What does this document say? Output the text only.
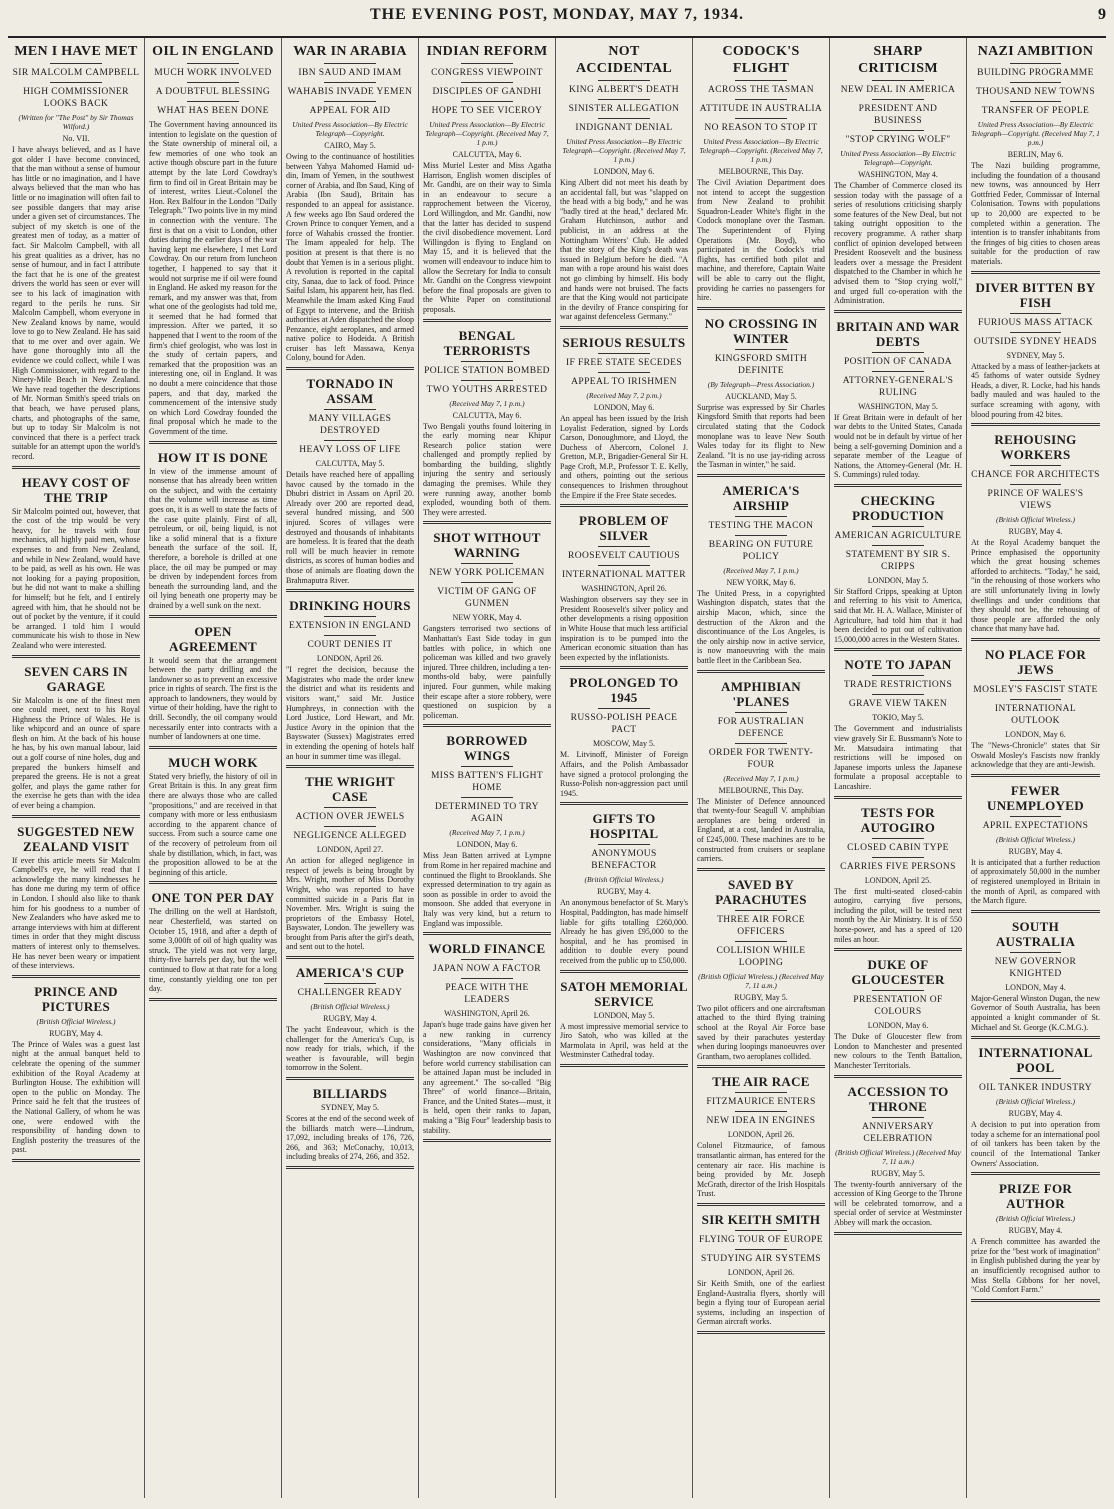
THE EVENING POST, MONDAY, MAY 7, 1934.	9
MEN I HAVE MET
SIR MALCOLM CAMPBELL
HIGH COMMISSIONER LOOKS BACK
(Written for "The Post" by Sir Thomas Wilford.)
No. VII.

I have always believed, and as I have got older I have become convinced, that the man without a sense of humour has little or no imagination, and I have always believed that the man who has little or no imagination will often fail to see possible dangers that may arise under a given set of circumstances. The subject of my sketch is one of the greatest men of today, as a matter of fact. Sir Malcolm Campbell, with all his great qualities as a driver, has no sense of humour, and in fact I attribute the fact that he is one of the greatest drivers the world has seen or ever will see to his lack of imagination with regard to the perils he runs. Sir Malcolm Campbell, whom everyone in New Zealand knows by name, would love to go to New Zealand. He has said that to me over and over again. We have gone thoroughly into all the evidence we could collect, while I was High Commissioner, with regard to the Ninety-Mile Beach in New Zealand. We have read together the descriptions of Mr. Norman Smith's speed trials on that beach, we have perused plans, charts, and photographs of the same, but up to today Sir Malcolm is not convinced that there is a perfect track suitable for an attempt upon the world's record.

HEAVY COST OF THE TRIP

Sir Malcolm pointed out, however, that the cost of the trip would be very heavy, for he travels with four mechanics, all highly paid men, whose expenses to and from New Zealand, and while in New Zealand, would have to be paid, as well as his own. He was not looking for a paying proposition, but he did not want to make a shilling for himself; but he felt, and I entirely agreed with him, that he should not be out of pocket by the venture, if it could be arranged. I told him I would communicate his wish to those in New Zealand who were interested.

SEVEN CARS IN GARAGE

Sir Malcolm is one of the finest men one could meet, next to his Royal Highness the Prince of Wales. He is like whipcord and an ounce of spare flesh on him. At the back of his house he has, by his own manual labour, laid out a golf course of nine holes, dug and prepared the bunkers himself and prepared the greens. He is not a great golfer, and plays the game rather for the exercise he gets than with the idea of ever being a champion.

SUGGESTED NEW ZEALAND VISIT

If ever this article meets Sir Malcolm Campbell's eye, he will read that I acknowledge the many kindnesses he has done me during my term of office in London. I should also like to thank him for his goodness to a number of New Zealanders who have asked me to arrange interviews with him at different times in order that they might discuss matters of interest only to themselves. He has never been weary or impatient of these interviews.

PRINCE AND PICTURES
(British Official Wireless.)
RUGBY, May 4.

The Prince of Wales was a guest last night at the annual banquet held to celebrate the opening of the summer exhibition of the Royal Academy at Burlington House. The exhibition will open to the public on Monday. The Prince said he felt that the trustees of the National Gallery, of whom he was one, were endowed with the responsibility of handing down to English posterity the treasures of the past.

OIL IN ENGLAND
MUCH WORK INVOLVED
A DOUBTFUL BLESSING
WHAT HAS BEEN DONE

The Government having announced its intention to legislate on the question of the State ownership of mineral oil, a few memories of one who took an active though obscure part in the future attempt by the late Lord Cowdray's firm to find oil in Great Britain may be of interest, writes Lieut.-Colonel the Hon. Rex Balfour in the London "Daily Telegraph." Two points live in my mind in connection with the venture. The first is that on a visit to London, other duties during the earlier days of the war having kept me elsewhere, I met Lord Cowdray. On our return from luncheon together, I happened to say that it would not surprise me if oil were found in England. He asked my reason for the remark, and my answer was that, from what one of the geologists had told me, it seemed that he had formed that impression. After we parted, it so happened that I went to the room of the firm's chief geologist, who was lost in the study of certain papers, and remarked that the proposition was an interesting one, oil in England. It was no doubt a mere coincidence that those papers, and that day, marked the commencement of the intensive study on which Lord Cowdray founded the final proposal which he made to the Government of the time.

HOW IT IS DONE

In view of the immense amount of nonsense that has already been written on the subject, and with the certainty that the volume will increase as time goes on, it is as well to state the facts of the case quite plainly. First of all, petroleum, or oil, being liquid, is not like a solid mineral that is a fixture beneath the surface of the soil. If, therefore, a borehole is drilled at one place, the oil may be pumped or may be driven by independent forces from beneath the surrounding land, and the oil lying beneath one property may be drained by a well sunk on the next.

OPEN AGREEMENT

It would seem that the arrangement between the party drilling and the landowner so as to prevent an excessive price in rights of search. The first is the approach to landowners, they would by virtue of their holding, have the right to drill. Secondly, the oil company would necessarily enter into contracts with a number of landowners at one time.

MUCH WORK

Stated very briefly, the history of oil in Great Britain is this. In any great firm there are always those who are called "propositions," and are received in that company with more or less enthusiasm according to the apparent chance of success. From such a source came one of the recovery of petroleum from oil shale by distillation, which, in fact, was the proposition allowed to be at the beginning of this article.

ONE TON PER DAY

The drilling on the well at Hardstoft, near Chesterfield, was started on October 15, 1918, and after a depth of some 3,000ft of oil of high quality was struck. The yield was not very large, thirty-five barrels per day, but the well continued to flow at that rate for a long time, constantly yielding one ton per day.

WAR IN ARABIA
IBN SAUD AND IMAM
WAHABIS INVADE YEMEN
APPEAL FOR AID
United Press Association—By Electric Telegraph—Copyright.
CAIRO, May 5.

Owing to the continuance of hostilities between Yahya Mahomed Hamid ud-din, Imam of Yemen, in the southwest corner of Arabia, and Ibn Saud, King of Arabia (Ibn Saud), Britain has responded to an appeal for assistance. A few weeks ago Ibn Saud ordered the Crown Prince to conquer Yemen, and a force of Wahabis crossed the frontier. The Imam appealed for help. The position at present is that there is no doubt that Yemen is in a serious plight. A revolution is reported in the capital city, Sanaa, due to lack of food. Prince Saiful Islam, his apparent heir, has fled. Meanwhile the Imam asked King Faud of Egypt to intervene, and the British authorities at Aden dispatched the sloop Penzance, eight aeroplanes, and armed native police to Hodeida. A British cruiser has left Massawa, Kenya Colony, bound for Aden.

TORNADO IN ASSAM
MANY VILLAGES DESTROYED
HEAVY LOSS OF LIFE
CALCUTTA, May 5.

Details have reached here of appalling havoc caused by the tornado in the Dhubri district in Assam on April 20. Already over 200 are reported dead, several hundred missing, and 500 injured. Scores of villages were destroyed and thousands of inhabitants are homeless. It is feared that the death roll will be much heavier in remote districts, as scores of human bodies and those of animals are floating down the Brahmaputra River.

DRINKING HOURS
EXTENSION IN ENGLAND
COURT DENIES IT
LONDON, April 26.

"I regret the decision, because the Magistrates who made the order knew the district and what its residents and visitors want," said Mr. Justice Humphreys, in connection with the Lord Justice, Lord Hewart, and Mr. Justice Avory in the opinion that the Bayswater (Sussex) Magistrates erred in extending the opening of hotels half an hour in summer time was illegal.

THE WRIGHT CASE
ACTION OVER JEWELS
NEGLIGENCE ALLEGED
LONDON, April 27.

An action for alleged negligence in respect of jewels is being brought by Mrs. Wright, mother of Miss Dorothy Wright, who was reported to have committed suicide in a Paris flat in November. Mrs. Wright is suing the proprietors of the Embassy Hotel, Bayswater, London. The jewellery was brought from Paris after the girl's death, and sent out to the hotel.

AMERICA'S CUP
CHALLENGER READY
(British Official Wireless.)
RUGBY, May 4.

The yacht Endeavour, which is the challenger for the America's Cup, is now ready for trials, which, if the weather is favourable, will begin tomorrow in the Solent.

BILLIARDS
SYDNEY, May 5.

Scores at the end of the second week of the billiards match were—Lindrum, 17,092, including breaks of 176, 726, 266, and 363; McConachy, 10,013, including breaks of 274, 266, and 352.

INDIAN REFORM
CONGRESS VIEWPOINT
DISCIPLES OF GANDHI
HOPE TO SEE VICEROY
United Press Association—By Electric Telegraph—Copyright. (Received May 7, 1 p.m.)
CALCUTTA, May 6.

Miss Muriel Lester and Miss Agatha Harrison, English women disciples of Mr. Gandhi, are on their way to Simla in an endeavour to secure a rapprochement between the Viceroy, Lord Willingdon, and Mr. Gandhi, now that the latter has decided to suspend the civil disobedience movement. Lord Willingdon is flying to England on May 15, and it is believed that the women will endeavour to induce him to allow the Secretary for India to consult Mr. Gandhi on the Congress viewpoint before the final proposals are given to the White Paper on constitutional proposals.

BENGAL TERRORISTS
POLICE STATION BOMBED
TWO YOUTHS ARRESTED
(Received May 7, 1 p.m.)
CALCUTTA, May 6.

Two Bengali youths found loitering in the early morning near Khipur Research police station were challenged and promptly replied by bombarding the building, slightly injuring the sentry and seriously damaging the premises. While they were running away, another bomb exploded, wounding both of them. They were arrested.

SHOT WITHOUT WARNING
NEW YORK POLICEMAN
VICTIM OF GANG OF GUNMEN
NEW YORK, May 4.

Gangsters terrorised two sections of Manhattan's East Side today in gun battles with police, in which one policeman was killed and two gravely injured. Three children, including a ten-months-old baby, were painfully injured. Four gunmen, while making their escape after a store robbery, were questioned on suspicion by a policeman.

BORROWED WINGS
MISS BATTEN'S FLIGHT HOME
DETERMINED TO TRY AGAIN
(Received May 7, 1 p.m.)
LONDON, May 6.

Miss Jean Batten arrived at Lympne from Rome in her repaired machine and continued the flight to Brooklands. She expressed determination to try again as soon as possible in order to avoid the monsoon. She added that everyone in Italy was very kind, but a return to England was impossible.

WORLD FINANCE
JAPAN NOW A FACTOR
PEACE WITH THE LEADERS
WASHINGTON, April 26.

Japan's huge trade gains have given her a new ranking in currency considerations, "Many officials in Washington are now convinced that before world currency stabilisation can be attained Japan must be included in any agreement." The so-called "Big Three" of world finance—Britain, France, and the United States—must, it is held, open their ranks to Japan, making a "Big Four" leadership basis to stability.

NOT ACCIDENTAL
KING ALBERT'S DEATH
SINISTER ALLEGATION
INDIGNANT DENIAL
United Press Association—By Electric Telegraph—Copyright. (Received May 7, 1 p.m.)
LONDON, May 6.

King Albert did not meet his death by an accidental fall, but was "slapped on the head with a big body," and he was "badly tired at the head," declared Mr. Graham Hutchinson, author and publicist, in an address at the Nottingham Writers' Club. He added that the story of the King's death was issued in Belgium before he died. "A man with a rope around his waist does not go climbing by himself. His body and hands were not bruised. The facts are that the King would not participate in the devilry of France conspiring for war against defenceless Germany."

SERIOUS RESULTS
IF FREE STATE SECEDES
APPEAL TO IRISHMEN
(Received May 7, 2 p.m.)
LONDON, May 6.

An appeal has been issued by the Irish Loyalist Federation, signed by Lords Carson, Donoughmore, and Lloyd, the Duchess of Abercorn, Colonel J. Gretton, M.P., Brigadier-General Sir H. Page Croft, M.P., Professor T. E. Kelly, and others, pointing out the serious consequences to Irishmen throughout the Empire if the Free State secedes.

PROBLEM OF SILVER
ROOSEVELT CAUTIOUS
INTERNATIONAL MATTER
WASHINGTON, April 26.

Washington observers say they see in President Roosevelt's silver policy and other developments a rising opposition in White House that much less artificial inspiration is to be pumped into the American economic situation than has been expected by the inflationists.

PROLONGED TO 1945
RUSSO-POLISH PEACE PACT
MOSCOW, May 5.

M. Litvinoff, Minister of Foreign Affairs, and the Polish Ambassador have signed a protocol prolonging the Russo-Polish non-aggression pact until 1945.

GIFTS TO HOSPITAL
ANONYMOUS BENEFACTOR
(British Official Wireless.)
RUGBY, May 4.

An anonymous benefactor of St. Mary's Hospital, Paddington, has made himself liable for gifts totalling £260,000. Already he has given £95,000 to the hospital, and he has promised in addition to double every pound received from the public up to £50,000.

SATOH MEMORIAL SERVICE
LONDON, May 5.

A most impressive memorial service to Jiro Satoh, who was killed at the Marmolata in April, was held at the Westminster Cathedral today.

CODOCK'S FLIGHT
ACROSS THE TASMAN
ATTITUDE IN AUSTRALIA
NO REASON TO STOP IT
United Press Association—By Electric Telegraph—Copyright. (Received May 7, 1 p.m.)
MELBOURNE, This Day.

The Civil Aviation Department does not intend to accept the suggestion from New Zealand to prohibit Squadron-Leader White's flight in the Codock monoplane over the Tasman. The Superintendent of Flying Operations (Mr. Boyd), who participated in the Codock's trial flights, has certified both pilot and machine, and therefore, Captain Waite will be able to carry out the flight, providing he carries no passengers for hire.

NO CROSSING IN WINTER
KINGSFORD SMITH DEFINITE
(By Telegraph—Press Association.)
AUCKLAND, May 5.

Surprise was expressed by Sir Charles Kingsford Smith that reports had been circulated stating that the Codock monoplane was to leave New South Wales today for its flight to New Zealand. "It is no use jay-riding across the Tasman in winter," he said.

AMERICA'S AIRSHIP
TESTING THE MACON
BEARING ON FUTURE POLICY
(Received May 7, 1 p.m.)
NEW YORK, May 6.

The United Press, in a copyrighted Washington dispatch, states that the airship Macon, which, since the destruction of the Akron and the discontinuance of the Los Angeles, is the only airship now in active service, is now manoeuvring with the main battle fleet in the Caribbean Sea.

AMPHIBIAN 'PLANES
FOR AUSTRALIAN DEFENCE
ORDER FOR TWENTY-FOUR
(Received May 7, 1 p.m.)
MELBOURNE, This Day.

The Minister of Defence announced that twenty-four Seagull V. amphibian aeroplanes are being ordered in England, at a cost, landed in Australia, of £245,000. These machines are to be constructed from cruisers or seaplane carriers.

SAVED BY PARACHUTES
THREE AIR FORCE OFFICERS
COLLISION WHILE LOOPING
(British Official Wireless.) (Received May 7, 11 a.m.)
RUGBY, May 5.

Two pilot officers and one aircraftsman attached to the third flying training school at the Royal Air Force base saved by their parachutes yesterday when during loopings manoeuvres over Grantham, two aeroplanes collided.

THE AIR RACE
FITZMAURICE ENTERS
NEW IDEA IN ENGINES
LONDON, April 26.

Colonel Fitzmaurice, of famous transatlantic airman, has entered for the centenary air race. His machine is being provided by Mr. Joseph McGrath, director of the Irish Hospitals Trust.

SIR KEITH SMITH
FLYING TOUR OF EUROPE
STUDYING AIR SYSTEMS
LONDON, April 26.

Sir Keith Smith, one of the earliest England-Australia flyers, shortly will begin a flying tour of European aerial systems, including an inspection of German aircraft works.

SHARP CRITICISM
NEW DEAL IN AMERICA
PRESIDENT AND BUSINESS
"STOP CRYING WOLF"
United Press Association—By Electric Telegraph—Copyright.
WASHINGTON, May 4.

The Chamber of Commerce closed its session today with the passage of a series of resolutions criticising sharply some features of the New Deal, but not taking outright opposition to the recovery programme. A rather sharp conflict of opinion developed between President Roosevelt and the business leaders over a message the President dispatched to the Chamber in which he advised them to "Stop crying wolf," and urged full co-operation with the Administration.

BRITAIN AND WAR DEBTS
POSITION OF CANADA
ATTORNEY-GENERAL'S RULING
WASHINGTON, May 5.

If Great Britain were in default of her war debts to the United States, Canada would not be in default by virtue of her being a self-governing Dominion and a separate member of the League of Nations, the Attorney-General (Mr. H. S. Cummings) ruled today.

CHECKING PRODUCTION
AMERICAN AGRICULTURE
STATEMENT BY SIR S. CRIPPS
LONDON, May 5.

Sir Stafford Cripps, speaking at Upton and referring to his visit to America, said that Mr. H. A. Wallace, Minister of Agriculture, had told him that it had been decided to put out of cultivation 15,000,000 acres in the Western States.

NOTE TO JAPAN
TRADE RESTRICTIONS
GRAVE VIEW TAKEN
TOKIO, May 5.

The Government and industrialists view gravely Sir E. Bussmann's Note to Mr. Matsudaira intimating that restrictions will be imposed on Japanese imports unless the Japanese formulate a proposal acceptable to Lancashire.

TESTS FOR AUTOGIRO
CLOSED CABIN TYPE
CARRIES FIVE PERSONS
LONDON, April 25.

The first multi-seated closed-cabin autogiro, carrying five persons, including the pilot, will be tested next month by the Air Ministry. It is of 550 horse-power, and has a speed of 120 miles an hour.

DUKE OF GLOUCESTER
PRESENTATION OF COLOURS
LONDON, May 6.

The Duke of Gloucester flew from London to Manchester and presented new colours to the Tenth Battalion, Manchester Territorials.

ACCESSION TO THRONE
ANNIVERSARY CELEBRATION
(British Official Wireless.) (Received May 7, 11 a.m.)
RUGBY, May 5.

The twenty-fourth anniversary of the accession of King George to the Throne will be celebrated tomorrow, and a special order of service at Westminster Abbey will mark the occasion.

NAZI AMBITION
BUILDING PROGRAMME
THOUSAND NEW TOWNS
TRANSFER OF PEOPLE
United Press Association—By Electric Telegraph—Copyright. (Received May 7, 1 p.m.)
BERLIN, May 6.

The Nazi building programme, including the foundation of a thousand new towns, was announced by Herr Gottfried Feder, Commissar of Internal Colonisation. Towns with populations up to 20,000 are expected to be completed within a generation. The intention is to transfer inhabitants from the fringes of big cities to chosen areas suitable for the production of raw materials.

DIVER BITTEN BY FISH
FURIOUS MASS ATTACK
OUTSIDE SYDNEY HEADS
SYDNEY, May 5.

Attacked by a mass of leather-jackets at 45 fathoms of water outside Sydney Heads, a diver, R. Locke, had his hands badly mauled and was hauled to the surface screaming with agony, with blood pouring from 42 bites.

REHOUSING WORKERS
CHANCE FOR ARCHITECTS
PRINCE OF WALES'S VIEWS
(British Official Wireless.)
RUGBY, May 4.

At the Royal Academy banquet the Prince emphasised the opportunity which the great housing schemes afforded to architects. "Today," he said, "in the rehousing of those workers who are still unfortunately living in lowly dwellings and under conditions that they should not be, the rehousing of those people are afforded the only chance that many have had.

NO PLACE FOR JEWS
MOSLEY'S FASCIST STATE
INTERNATIONAL OUTLOOK
LONDON, May 6.

The "News-Chronicle" states that Sir Oswald Mosley's Fascists now frankly acknowledge that they are anti-Jewish.

FEWER UNEMPLOYED
APRIL EXPECTATIONS
(British Official Wireless.)
RUGBY, May 4.

It is anticipated that a further reduction of approximately 50,000 in the number of registered unemployed in Britain in the month of April, as compared with the March figure.

SOUTH AUSTRALIA
NEW GOVERNOR KNIGHTED
LONDON, May 4.

Major-General Winston Dugan, the new Governor of South Australia, has been appointed a knight commander of St. Michael and St. George (K.C.M.G.).

INTERNATIONAL POOL
OIL TANKER INDUSTRY
(British Official Wireless.)
RUGBY, May 4.

A decision to put into operation from today a scheme for an international pool of oil tankers has been taken by the council of the International Tanker Owners' Association.

PRIZE FOR AUTHOR
(British Official Wireless.)
RUGBY, May 4.

A French committee has awarded the prize for the "best work of imagination" in English published during the year by an insufficiently recognised author to Miss Stella Gibbons for her novel, "Cold Comfort Farm."
